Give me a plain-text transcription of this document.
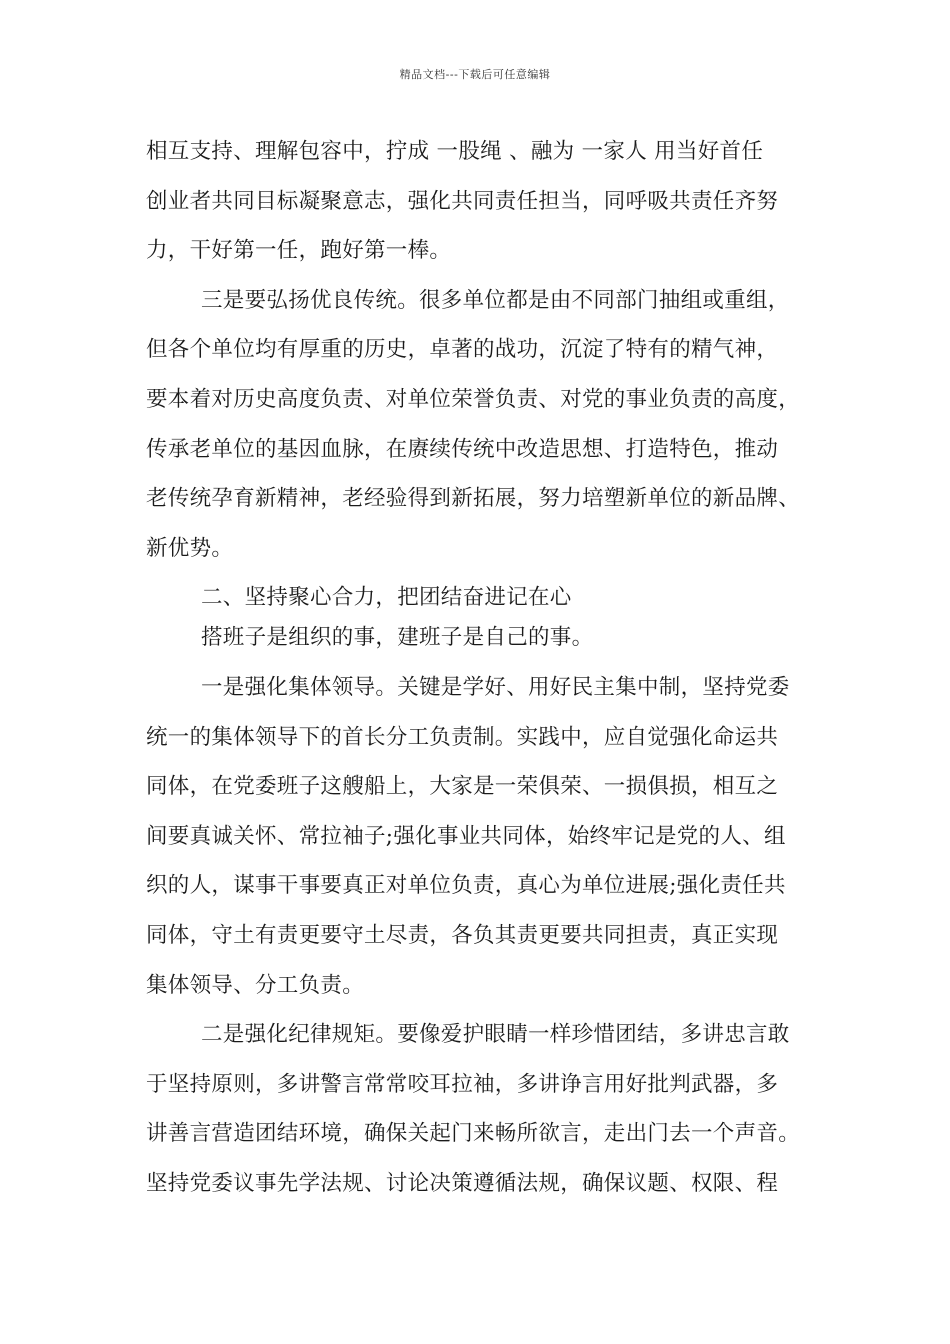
精品文档---下载后可任意编辑
相互支持、理解包容中，拧成 一股绳 、融为 一家人 用当好首任
创业者共同目标凝聚意志，强化共同责任担当，同呼吸共责任齐努
力，干好第一任，跑好第一棒。
三是要弘扬优良传统。很多单位都是由不同部门抽组或重组，
但各个单位均有厚重的历史，卓著的战功，沉淀了特有的精气神，
要本着对历史高度负责、对单位荣誉负责、对党的事业负责的高度，
传承老单位的基因血脉，在赓续传统中改造思想、打造特色，推动
老传统孕育新精神，老经验得到新拓展，努力培塑新单位的新品牌、
新优势。
二、坚持聚心合力，把团结奋进记在心
搭班子是组织的事，建班子是自己的事。
一是强化集体领导。关键是学好、用好民主集中制，坚持党委
统一的集体领导下的首长分工负责制。实践中，应自觉强化命运共
同体，在党委班子这艘船上，大家是一荣俱荣、一损俱损，相互之
间要真诚关怀、常拉袖子;强化事业共同体，始终牢记是党的人、组
织的人，谋事干事要真正对单位负责，真心为单位进展;强化责任共
同体，守土有责更要守土尽责，各负其责更要共同担责，真正实现
集体领导、分工负责。
二是强化纪律规矩。要像爱护眼睛一样珍惜团结，多讲忠言敢
于坚持原则，多讲警言常常咬耳拉袖，多讲诤言用好批判武器，多
讲善言营造团结环境，确保关起门来畅所欲言，走出门去一个声音。
坚持党委议事先学法规、讨论决策遵循法规，确保议题、权限、程
